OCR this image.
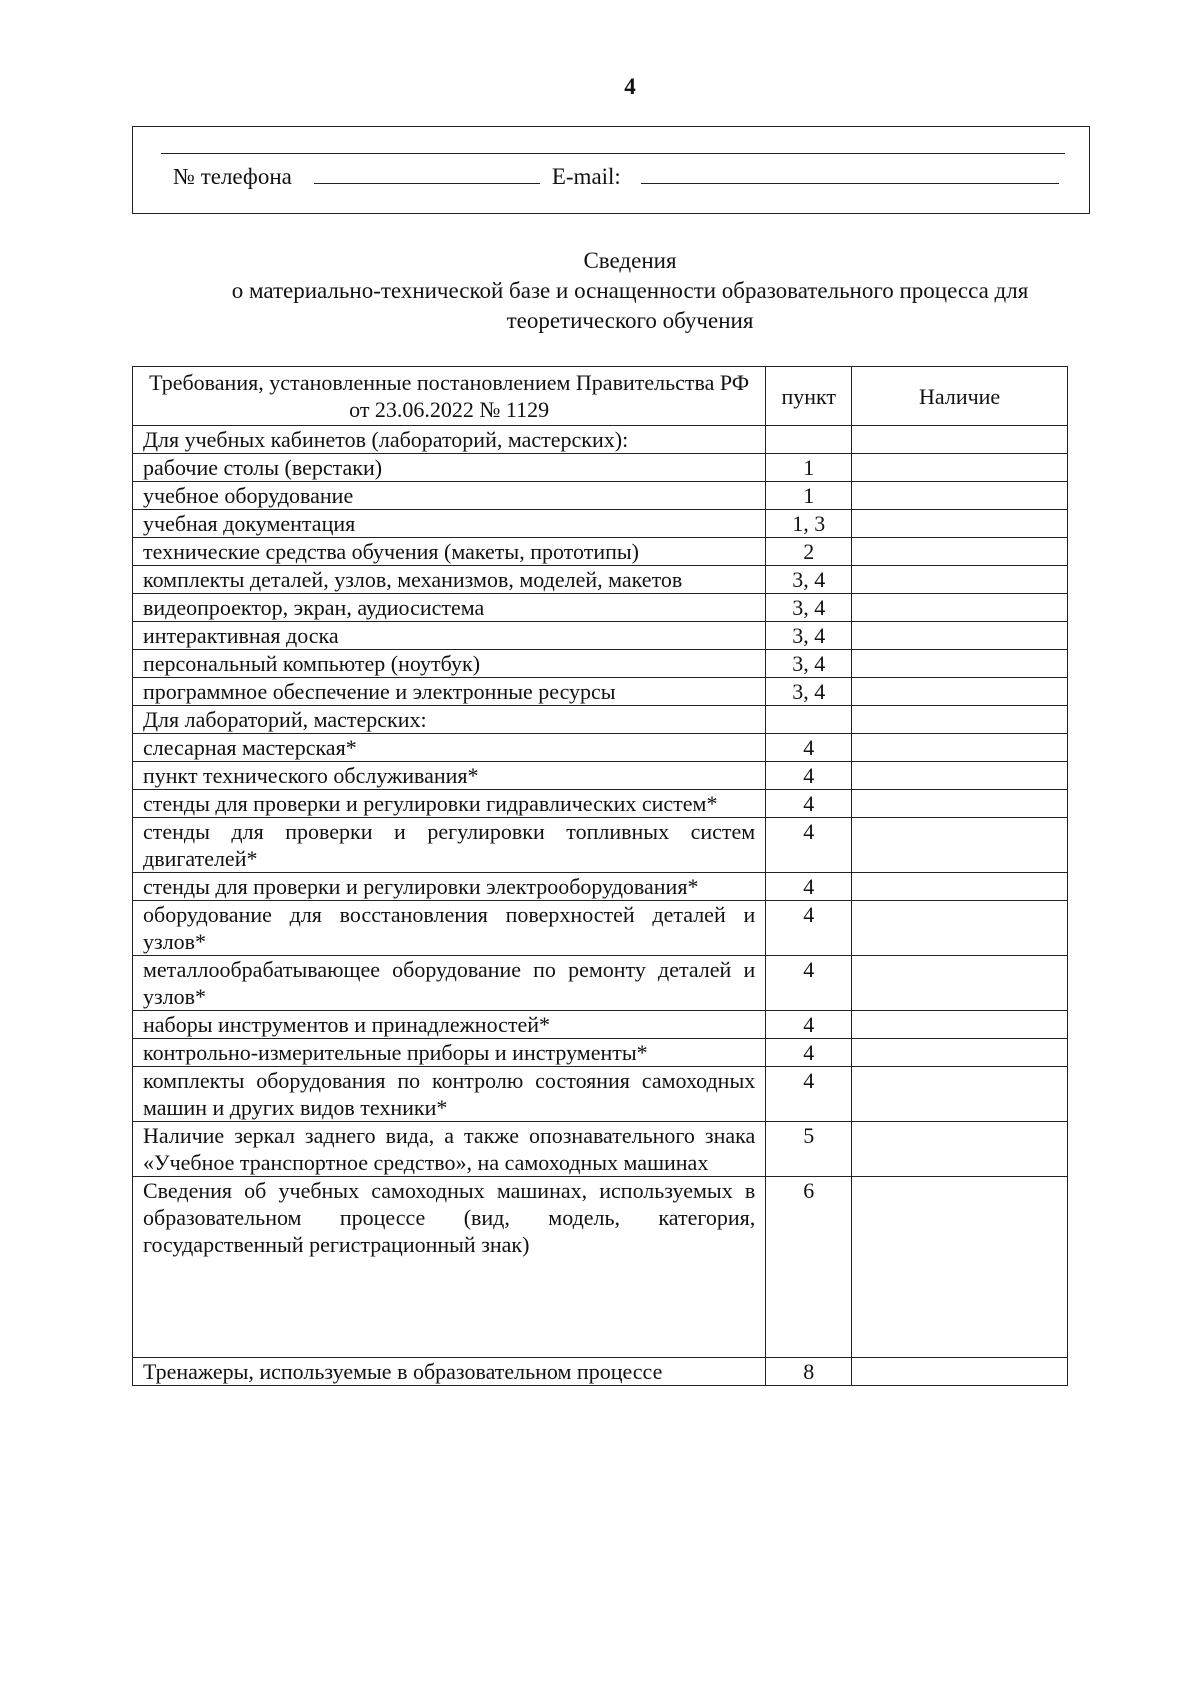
4
№ телефона	E-mail:
Сведения
о материально-технической базе и оснащенности образовательного процесса для
теоретического обучения
Требования, установленные постановлением Правительства РФ от 23.06.2022 № 1129	пункт	Наличие
Для учебных кабинетов (лабораторий, мастерских):		
рабочие столы (верстаки)	1	
учебное оборудование	1	
учебная документация	1, 3	
технические средства обучения (макеты, прототипы)	2	
комплекты деталей, узлов, механизмов, моделей, макетов	3, 4	
видеопроектор, экран, аудиосистема	3, 4	
интерактивная доска	3, 4	
персональный компьютер (ноутбук)	3, 4	
программное обеспечение и электронные ресурсы	3, 4	
Для лабораторий, мастерских:		
слесарная мастерская*	4	
пункт технического обслуживания*	4	
стенды для проверки и регулировки гидравлических систем*	4	
стенды для проверки и регулировки топливных систем двигателей*	4	
стенды для проверки и регулировки электрооборудования*	4	
оборудование для восстановления поверхностей деталей и узлов*	4	
металлообрабатывающее оборудование по ремонту деталей и узлов*	4	
наборы инструментов и принадлежностей*	4	
контрольно-измерительные приборы и инструменты*	4	
комплекты оборудования по контролю состояния самоходных машин и других видов техники*	4	
Наличие зеркал заднего вида, а также опознавательного знака «Учебное транспортное средство», на самоходных машинах	5	
Сведения об учебных самоходных машинах, используемых в образовательном процессе (вид, модель, категория, государственный регистрационный знак)	6	
Тренажеры, используемые в образовательном процессе	8	
